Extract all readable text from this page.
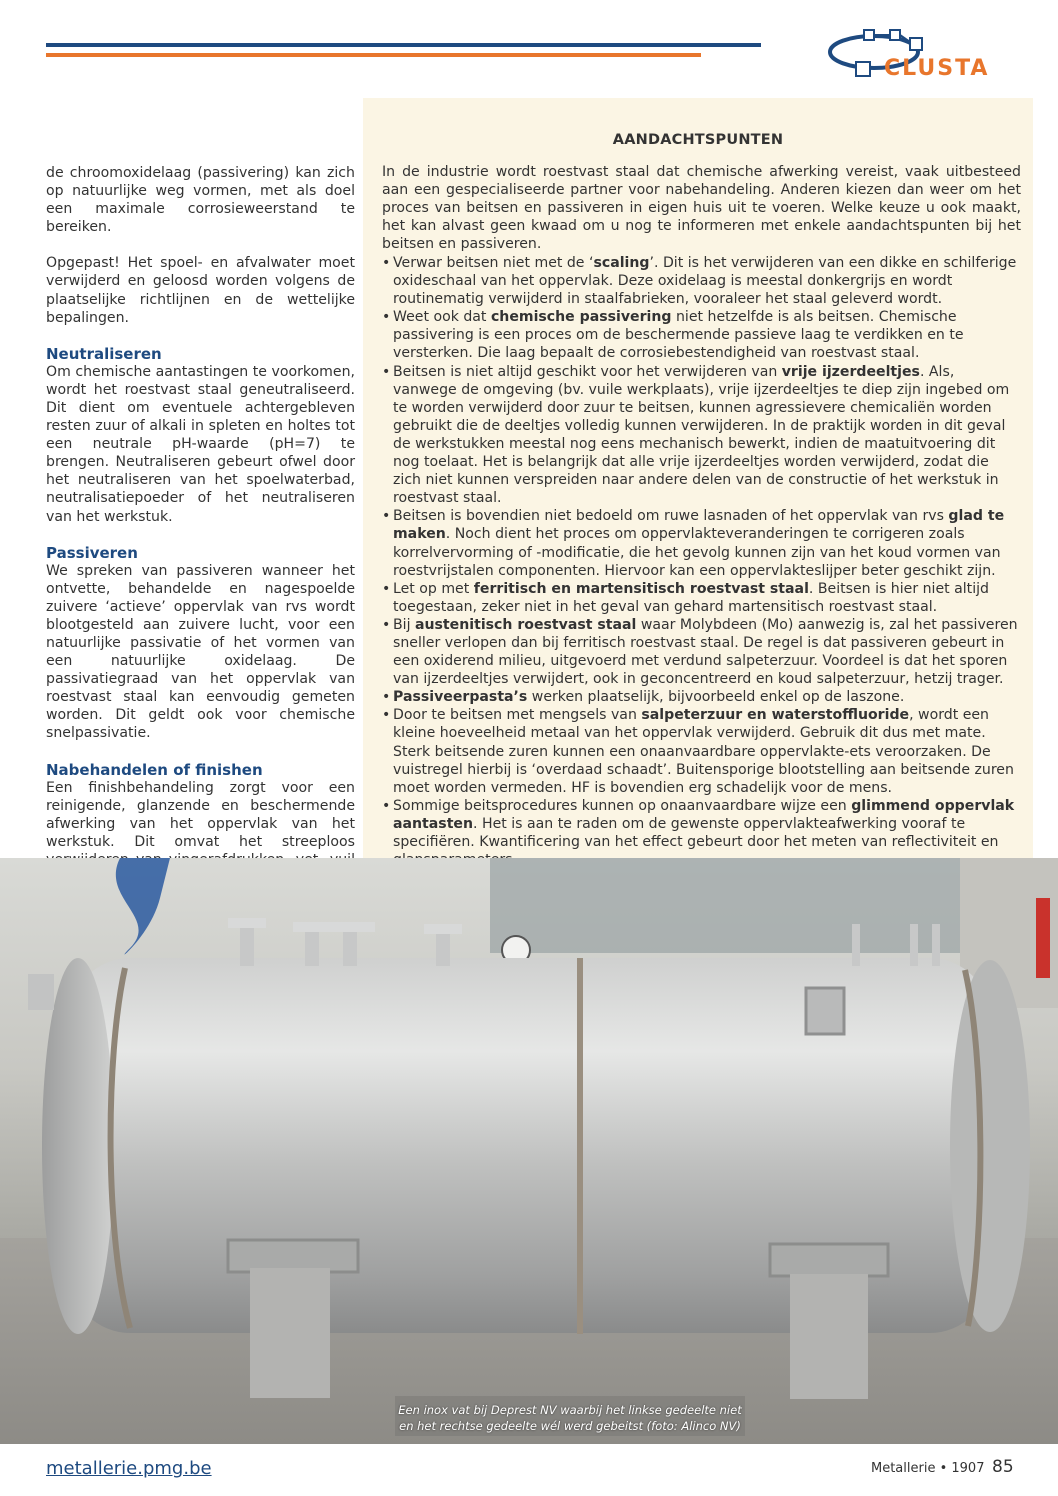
CLUSTA

de chroomoxidelaag (passivering) kan zich op natuurlijke weg vormen, met als doel een maximale corrosieweerstand te bereiken.

Opgepast! Het spoel- en afvalwater moet verwijderd en geloosd worden volgens de plaatselijke richtlijnen en de wettelijke bepalingen.

Neutraliseren

Om chemische aantastingen te voorkomen, wordt het roestvast staal geneutraliseerd. Dit dient om eventuele achtergebleven resten zuur of alkali in spleten en holtes tot een neutrale pH-waarde (pH=7) te brengen. Neutraliseren gebeurt ofwel door het neutraliseren van het spoelwaterbad, neutralisatiepoeder of het neutraliseren van het werkstuk.

Passiveren

We spreken van passiveren wanneer het ontvette, behandelde en nagespoelde zuivere ‘actieve’ oppervlak van rvs wordt blootgesteld aan zuivere lucht, voor een natuurlijke passivatie of het vormen van een natuurlijke oxidelaag. De passivatiegraad van het oppervlak van roestvast staal kan eenvoudig gemeten worden. Dit geldt ook voor chemische snelpassivatie.

Nabehandelen of finishen

Een finishbehandeling zorgt voor een reinigende, glanzende en beschermende afwerking van het oppervlak van het werkstuk. Dit omvat het streeploos

AANDACHTSPUNTEN

In de industrie wordt roestvast staal dat chemische afwerking vereist, vaak uitbesteed aan een gespecialiseerde partner voor nabehandeling. Anderen kiezen dan weer om het proces van beitsen en passiveren in eigen huis uit te voeren. Welke keuze u ook maakt, het kan alvast geen kwaad om u nog te informeren met enkele aandachtspunten bij het beitsen en passiveren.

• Verwar beitsen niet met de ‘scaling’. Dit is het verwijderen van een dikke en schilferige oxideschaal van het oppervlak. Deze oxidelaag is meestal donkergrijs en wordt routinematig verwijderd in staalfabrieken, vooraleer het staal geleverd wordt.
• Weet ook dat chemische passivering niet hetzelfde is als beitsen. Chemische passivering is een proces om de beschermende passieve laag te verdikken en te versterken. Die laag bepaalt de corrosiebestendigheid van roestvast staal.
• Beitsen is niet altijd geschikt voor het verwijderen van vrije ijzerdeeltjes. Als, vanwege de omgeving (bv. vuile werkplaats), vrije ijzerdeeltjes te diep zijn ingebed om te worden verwijderd door zuur te beitsen, kunnen agressievere chemicaliën worden gebruikt die de deeltjes volledig kunnen verwijderen. In de praktijk worden in dit geval de werkstukken meestal nog eens mechanisch bewerkt, indien de maatuitvoering dit nog toelaat. Het is belangrijk dat alle vrije ijzerdeeltjes worden verwijderd, zodat die zich niet kunnen verspreiden naar andere delen van de constructie of het werkstuk in roestvast staal.
• Beitsen is bovendien niet bedoeld om ruwe lasnaden of het oppervlak van rvs glad te maken. Noch dient het proces om oppervlakteveranderingen te corrigeren zoals korrelvervorming of -modificatie, die het gevolg kunnen zijn van het koud vormen van roestvrijstalen componenten. Hiervoor kan een oppervlakteslijper beter geschikt zijn.
• Let op met ferritisch en martensitisch roestvast staal. Beitsen is hier niet altijd toegestaan, zeker niet in het geval van gehard martensitisch roestvast staal.
• Bij austenitisch roestvast staal waar Molybdeen (Mo) aanwezig is, zal het passiveren sneller verlopen dan bij ferritisch roestvast staal. De regel is dat passiveren gebeurt in een oxiderend milieu, uitgevoerd met verdund salpeterzuur. Voordeel is dat het sporen van ijzerdeeltjes verwijdert, ook in geconcentreerd en koud salpeterzuur, hetzij trager.
• Passiveerpasta’s werken plaatselijk, bijvoorbeeld enkel op de laszone.
• Door te beitsen met mengsels van salpeterzuur en waterstoffluoride, wordt een kleine hoeveelheid metaal van het oppervlak verwijderd. Gebruik dit dus met mate. Sterk beitsende zuren kunnen een onaanvaardbare oppervlakte-ets veroorzaken. De vuistregel hierbij is ‘overdaad schaadt’. Buitensporige blootstelling aan beitsende zuren moet worden vermeden. HF is bovendien erg schadelijk voor de mens.
• Sommige beitsprocedures kunnen op onaanvaardbare wijze een glimmend oppervlak aantasten. Het is aan te raden om de gewenste oppervlakteafwerking vooraf te specifiëren. Kwantificering van het effect gebeurt door het meten van reflectiviteit en
Een inox vat bij Deprest NV waarbij het linkse gedeelte niet
en het rechtse gedeelte wél werd gebeitst (foto: Alinco NV)
metallerie.pmg.be	Metallerie • 1907 85
